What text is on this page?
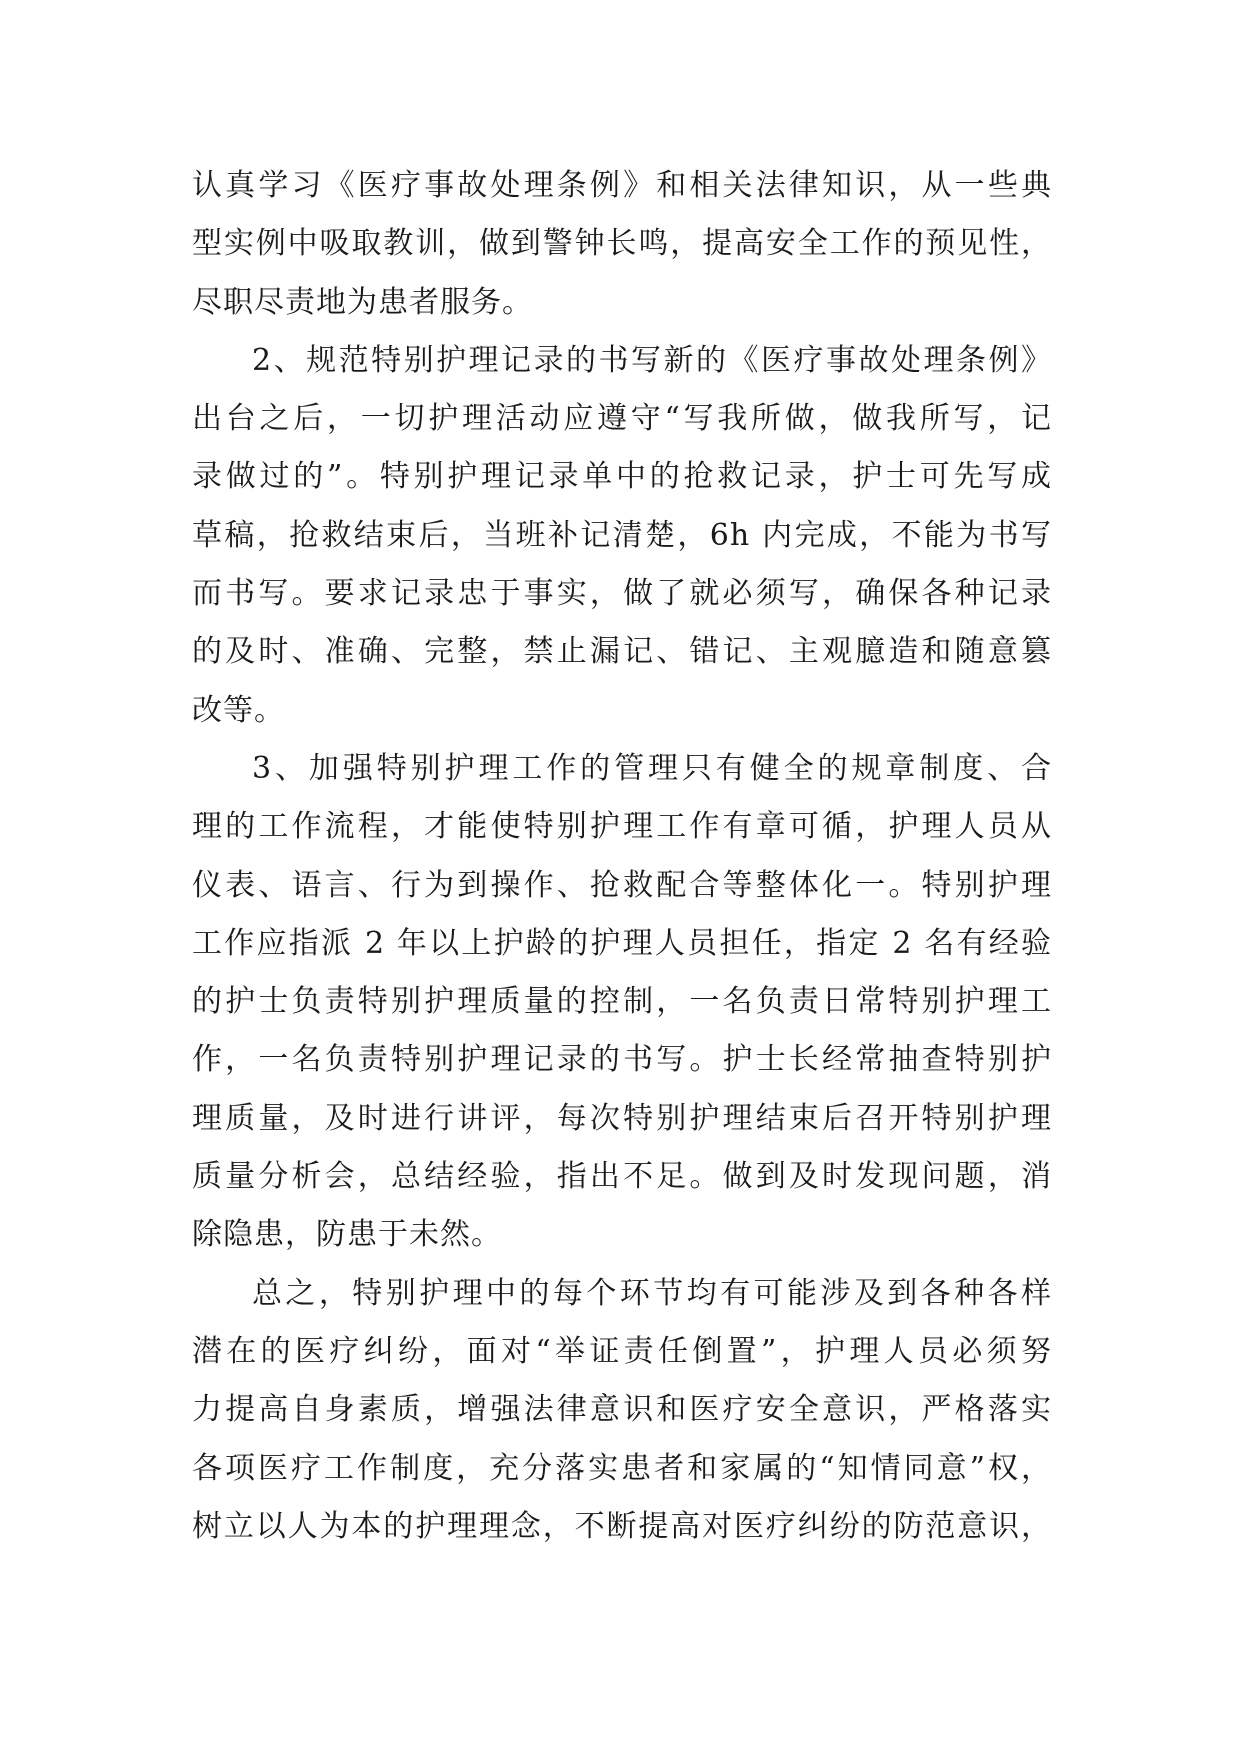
认真学习《医疗事故处理条例》和相关法律知识，从一些典
型实例中吸取教训，做到警钟长鸣，提高安全工作的预见性，
尽职尽责地为患者服务。
2、规范特别护理记录的书写新的《医疗事故处理条例》
出台之后，一切护理活动应遵守“写我所做，做我所写，记
录做过的”。特别护理记录单中的抢救记录，护士可先写成
草稿，抢救结束后，当班补记清楚，6h 内完成，不能为书写
而书写。要求记录忠于事实，做了就必须写，确保各种记录
的及时、准确、完整，禁止漏记、错记、主观臆造和随意篡
改等。
3、加强特别护理工作的管理只有健全的规章制度、合
理的工作流程，才能使特别护理工作有章可循，护理人员从
仪表、语言、行为到操作、抢救配合等整体化一。特别护理
工作应指派 2 年以上护龄的护理人员担任，指定 2 名有经验
的护士负责特别护理质量的控制，一名负责日常特别护理工
作，一名负责特别护理记录的书写。护士长经常抽查特别护
理质量，及时进行讲评，每次特别护理结束后召开特别护理
质量分析会，总结经验，指出不足。做到及时发现问题，消
除隐患，防患于未然。
总之，特别护理中的每个环节均有可能涉及到各种各样
潜在的医疗纠纷，面对“举证责任倒置”，护理人员必须努
力提高自身素质，增强法律意识和医疗安全意识，严格落实
各项医疗工作制度，充分落实患者和家属的“知情同意”权，
树立以人为本的护理理念，不断提高对医疗纠纷的防范意识，
